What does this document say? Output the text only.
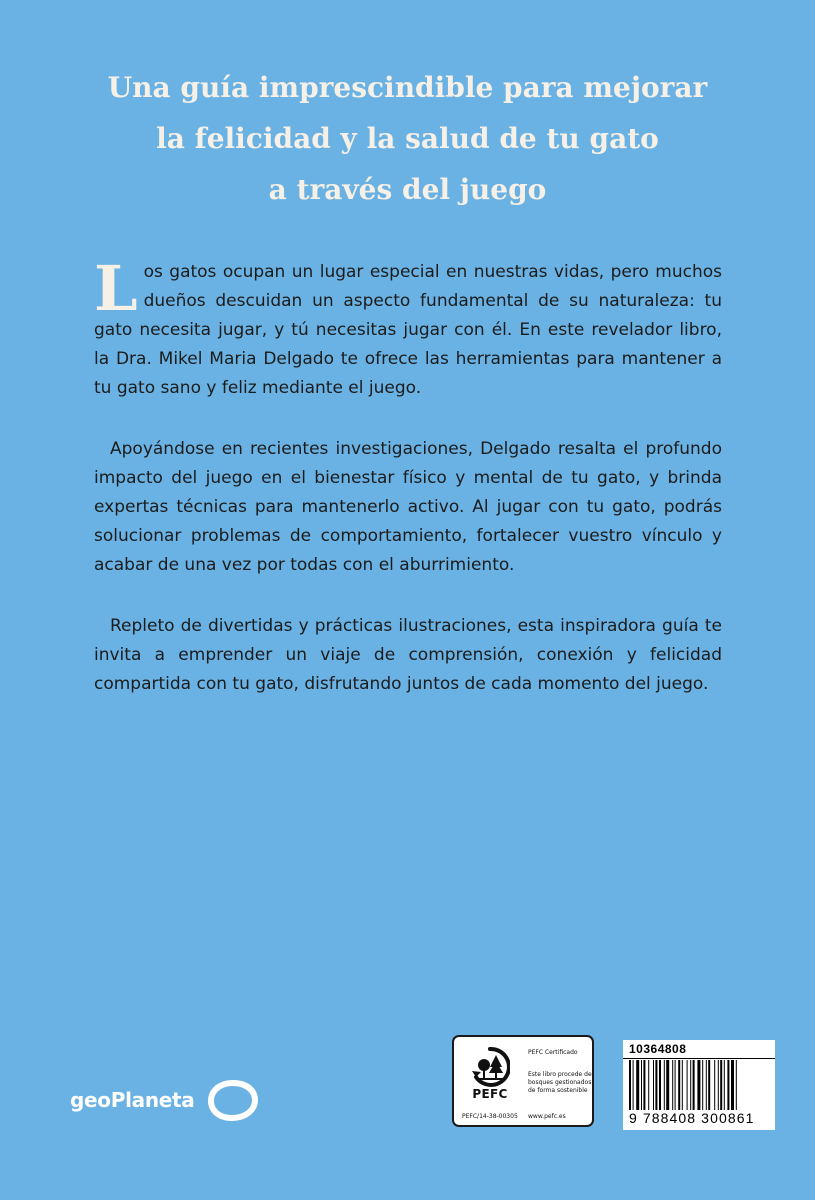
Una guía imprescindible para mejorar
la felicidad y la salud de tu gato
a través del juego

Los gatos ocupan un lugar especial en nuestras vidas, pero muchos dueños descuidan un aspecto fundamental de su naturaleza: tu gato necesita jugar, y tú necesitas jugar con él. En este revelador libro, la Dra. Mikel Maria Delgado te ofrece las herramientas para mantener a tu gato sano y feliz mediante el juego.

Apoyándose en recientes investigaciones, Delgado resalta el profundo impacto del juego en el bienestar físico y mental de tu gato, y brinda expertas técnicas para mantenerlo activo. Al jugar con tu gato, podrás solucionar problemas de comportamiento, fortalecer vuestro vínculo y acabar de una vez por todas con el aburrimiento.

Repleto de divertidas y prácticas ilustraciones, esta inspiradora guía te invita a emprender un viaje de comprensión, conexión y felicidad compartida con tu gato, disfrutando juntos de cada momento del juego.

geoPlaneta	PEFC
PEFC/14-38-00305
PEFC Certificado
Este libro procede de bosques gestionados de forma sostenible
www.pefc.es
10364808
9 788408 300861
